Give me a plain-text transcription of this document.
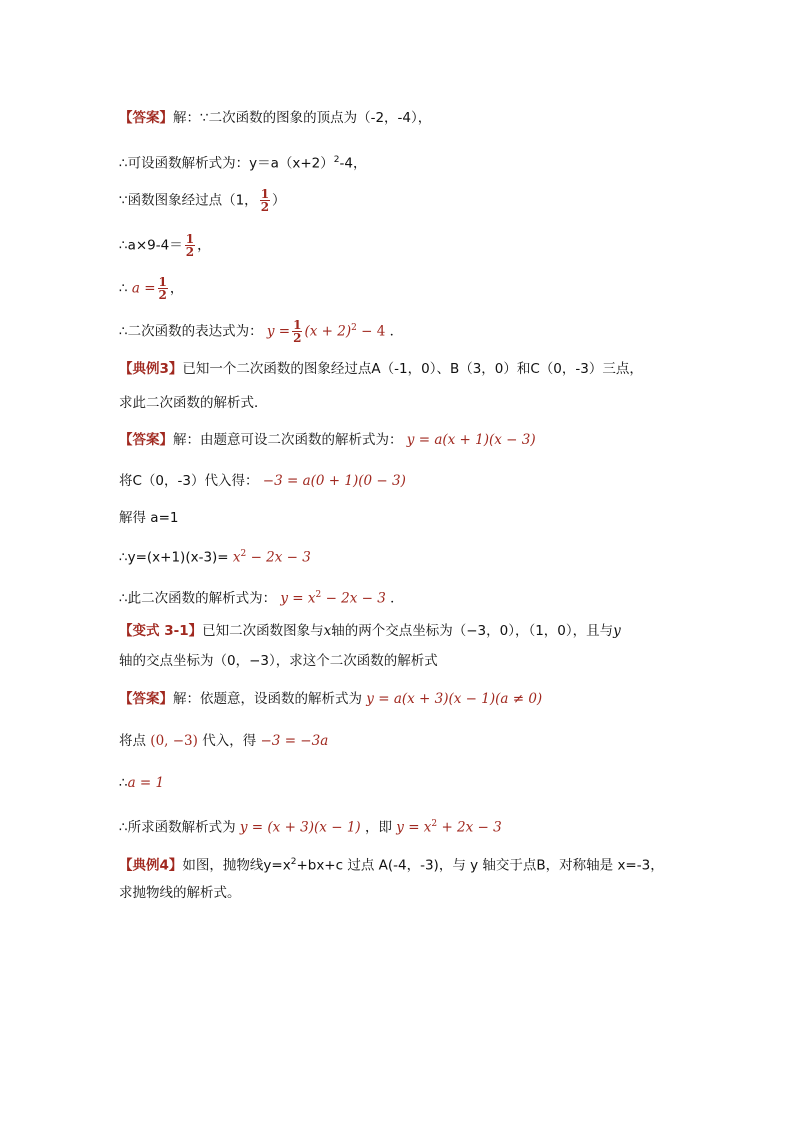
【答案】解：∵二次函数的图象的顶点为（-2，-4），
∴可设函数解析式为：$y=a(x+2)^2-4$，
∵函数图象经过点（1， $\frac{1}{2}$ ）
∴a×9-4＝ $\frac{1}{2}$ ，
∴ $a = \frac{1}{2}$ ，
∴二次函数的表达式为： $y = \frac{1}{2} (x + 2)^2 - 4$ ．
【典例3】已知一个二次函数的图象经过点A（-1，0）、B（3，0）和C（0，-3）三点，
求此二次函数的解析式．
【答案】解：由题意可设二次函数的解析式为： y = a(x + 1)(x − 3)
将C（0，-3）代入得： −3 = a(0 + 1)(0 − 3)
解得 a=1
∴y=(x+1)(x-3)= $x^2 - 2x - 3$
∴此二次函数的解析式为： $y = x^2 - 2x - 3$ ．
【变式 3-1】已知二次函数图象与x轴的两个交点坐标为（−3，0），（1，0），且与y
轴的交点坐标为（0，−3），求这个二次函数的解析式
【答案】解：依题意，设函数的解析式为 y = a(x + 3)(x − 1)(a ≠ 0)
将点 (0, −3) 代入，得 −3 = −3a
∴a = 1
∴所求函数解析式为 y = (x + 3)(x − 1) ，即 $y = x^2 + 2x - 3$
【典例4】如图，抛物线$y=x^2+bx+c$ 过点 A(-4，-3)，与 y 轴交于点B，对称轴是 x=-3，
求抛物线的解析式。
